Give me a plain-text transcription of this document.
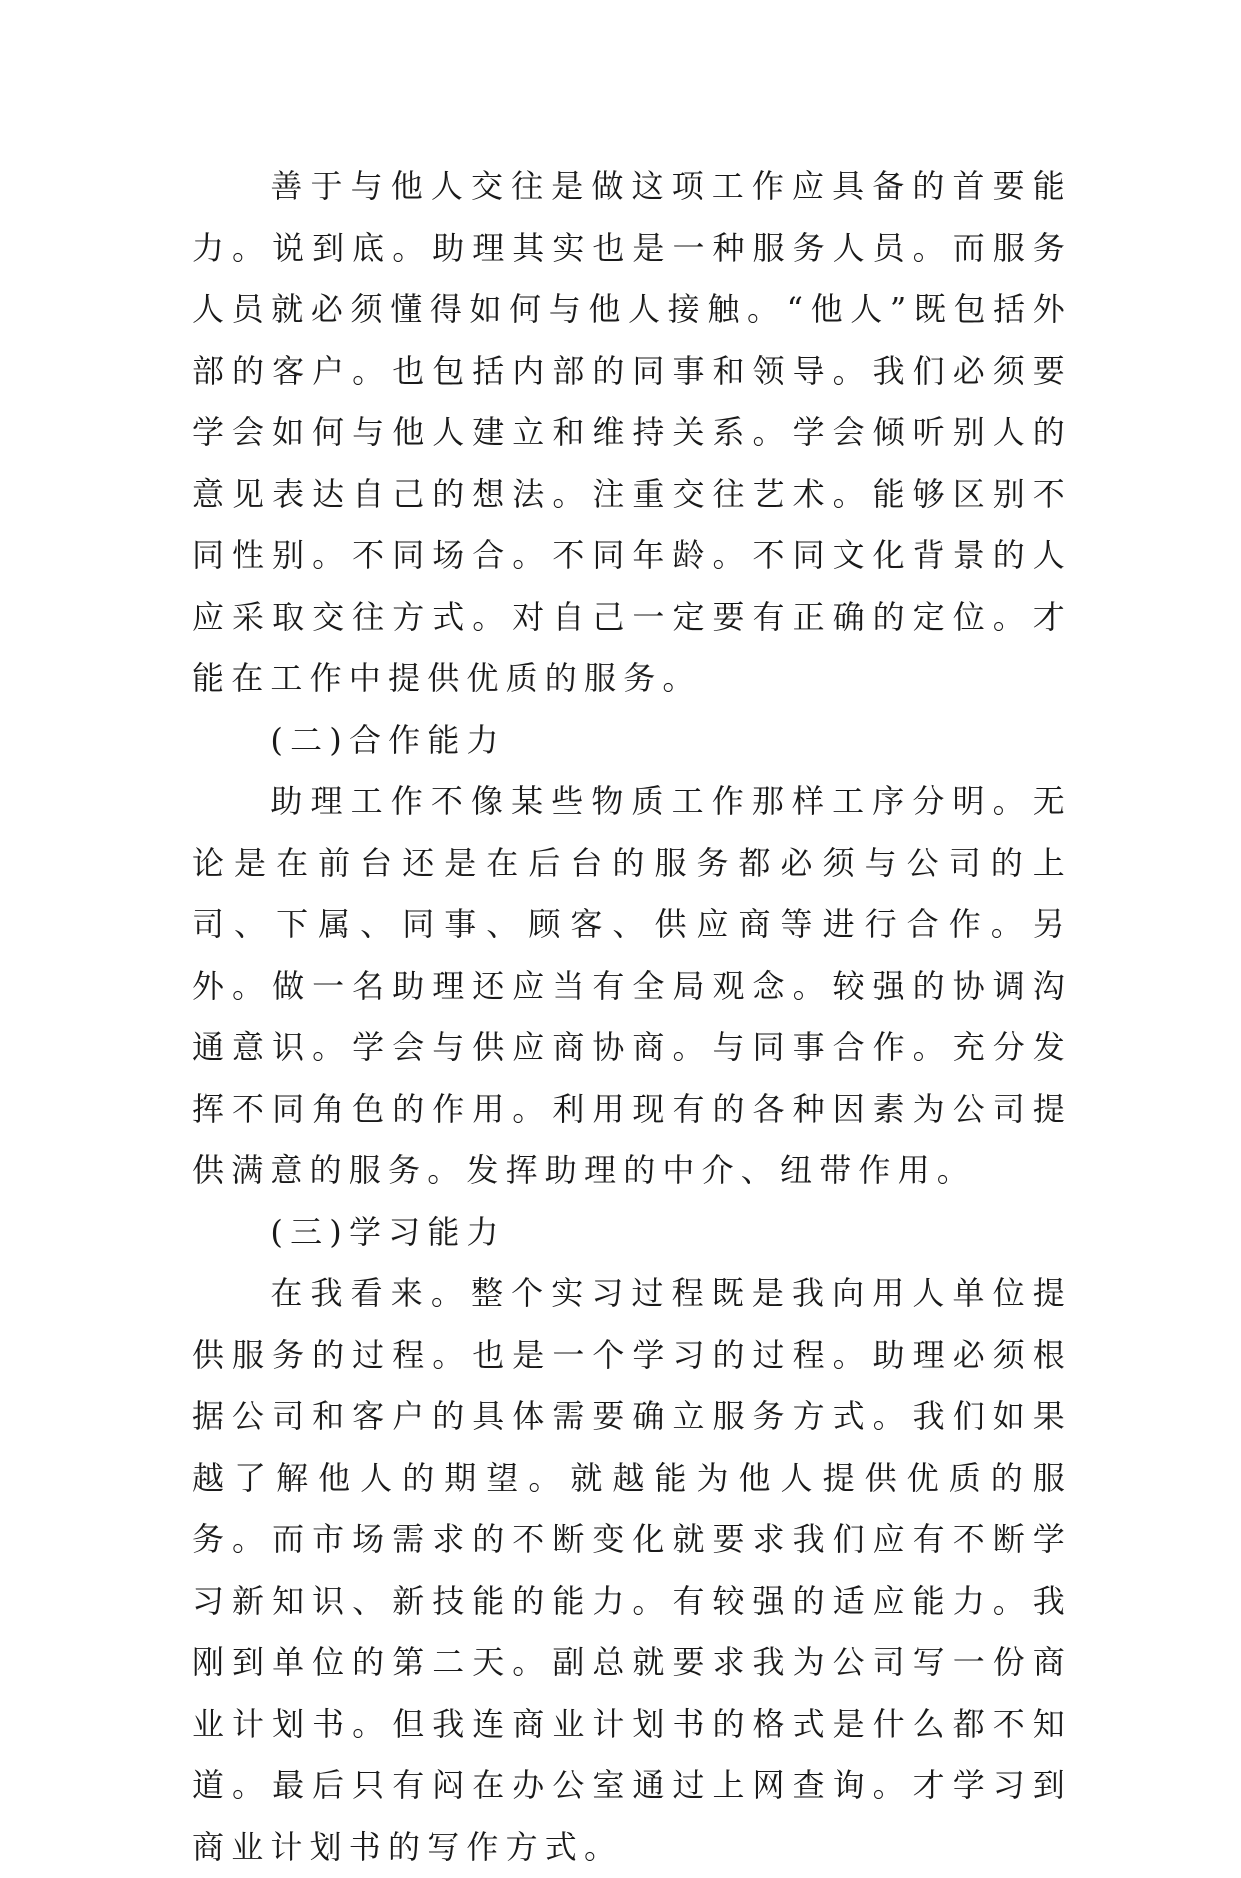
善于与他人交往是做这项工作应具备的首要能力。说到底。助理其实也是一种服务人员。而服务人员就必须懂得如何与他人接触。“他人”既包括外部的客户。也包括内部的同事和领导。我们必须要学会如何与他人建立和维持关系。学会倾听别人的意见表达自己的想法。注重交往艺术。能够区别不同性别。不同场合。不同年龄。不同文化背景的人应采取交往方式。对自己一定要有正确的定位。才能在工作中提供优质的服务。

(二)合作能力

助理工作不像某些物质工作那样工序分明。无论是在前台还是在后台的服务都必须与公司的上司、下属、同事、顾客、供应商等进行合作。另外。做一名助理还应当有全局观念。较强的协调沟通意识。学会与供应商协商。与同事合作。充分发挥不同角色的作用。利用现有的各种因素为公司提供满意的服务。发挥助理的中介、纽带作用。

(三)学习能力

在我看来。整个实习过程既是我向用人单位提供服务的过程。也是一个学习的过程。助理必须根据公司和客户的具体需要确立服务方式。我们如果越了解他人的期望。就越能为他人提供优质的服务。而市场需求的不断变化就要求我们应有不断学习新知识、新技能的能力。有较强的适应能力。我刚到单位的第二天。副总就要求我为公司写一份商业计划书。但我连商业计划书的格式是什么都不知道。最后只有闷在办公室通过上网查询。才学习到商业计划书的写作方式。
